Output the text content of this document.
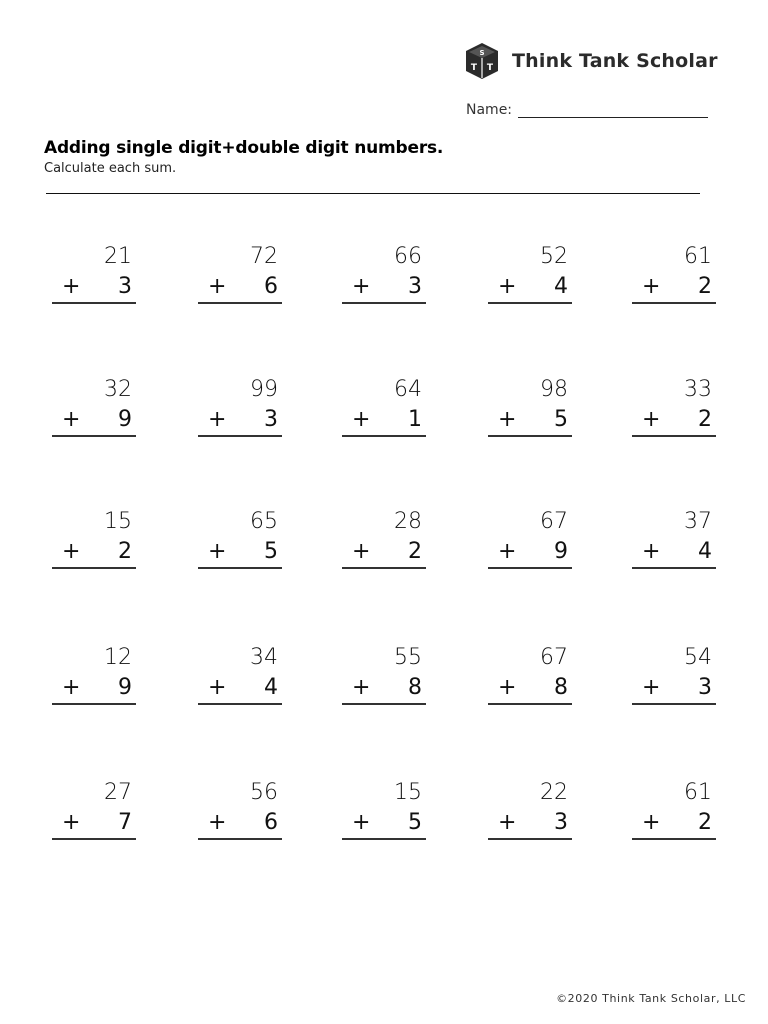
S
T T Think Tank Scholar
Name:
Adding single digit+double digit numbers.
Calculate each sum.
21
+ 3
72
+ 6
66
+ 3
52
+ 4
61
+ 2
32
+ 9
99
+ 3
64
+ 1
98
+ 5
33
+ 2
15
+ 2
65
+ 5
28
+ 2
67
+ 9
37
+ 4
12
+ 9
34
+ 4
55
+ 8
67
+ 8
54
+ 3
27
+ 7
56
+ 6
15
+ 5
22
+ 3
61
+ 2
©2020 Think Tank Scholar, LLC
